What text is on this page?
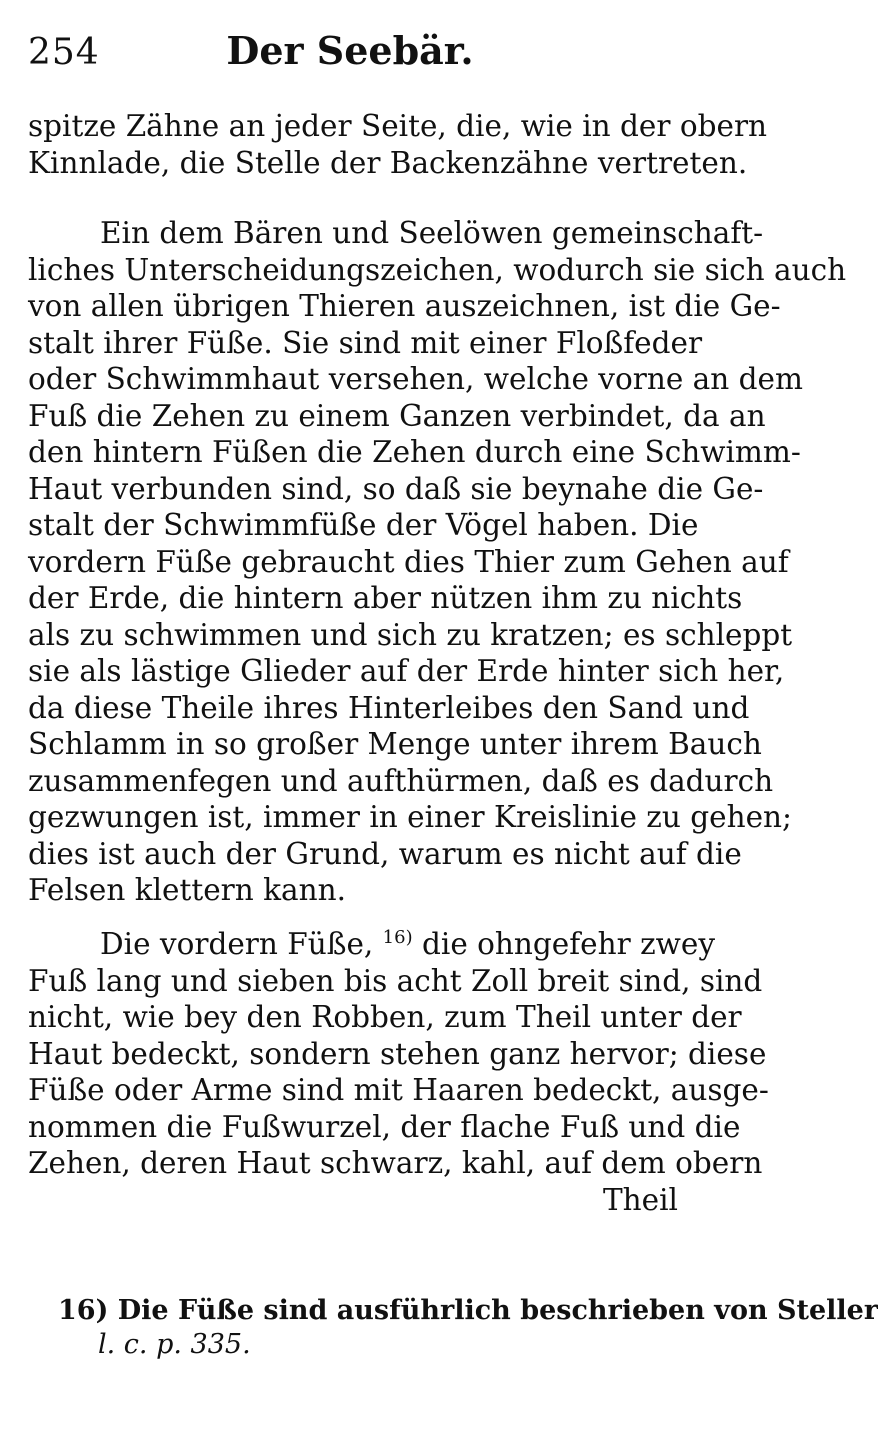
254	Der Seebär.
spitze Zähne an jeder Seite, die, wie in der obern
Kinnlade, die Stelle der Backenzähne vertreten.
Ein dem Bären und Seelöwen gemeinschaft-
liches Unterscheidungszeichen, wodurch sie sich auch
von allen übrigen Thieren auszeichnen, ist die Ge-
stalt ihrer Füße. Sie sind mit einer Floßfeder
oder Schwimmhaut versehen, welche vorne an dem
Fuß die Zehen zu einem Ganzen verbindet, da an
den hintern Füßen die Zehen durch eine Schwimm-
Haut verbunden sind, so daß sie beynahe die Ge-
stalt der Schwimmfüße der Vögel haben. Die
vordern Füße gebraucht dies Thier zum Gehen auf
der Erde, die hintern aber nützen ihm zu nichts
als zu schwimmen und sich zu kratzen; es schleppt
sie als lästige Glieder auf der Erde hinter sich her,
da diese Theile ihres Hinterleibes den Sand und
Schlamm in so großer Menge unter ihrem Bauch
zusammenfegen und aufthürmen, daß es dadurch
gezwungen ist, immer in einer Kreislinie zu gehen;
dies ist auch der Grund, warum es nicht auf die
Felsen klettern kann.
Die vordern Füße, $^{16)}$ die ohngefehr zwey
Fuß lang und sieben bis acht Zoll breit sind, sind
nicht, wie bey den Robben, zum Theil unter der
Haut bedeckt, sondern stehen ganz hervor; diese
Füße oder Arme sind mit Haaren bedeckt, ausge-
nommen die Fußwurzel, der flache Fuß und die
Zehen, deren Haut schwarz, kahl, auf dem obern
Theil
16) Die Füße sind ausführlich beschrieben von Steller
l. c. p. 335.
